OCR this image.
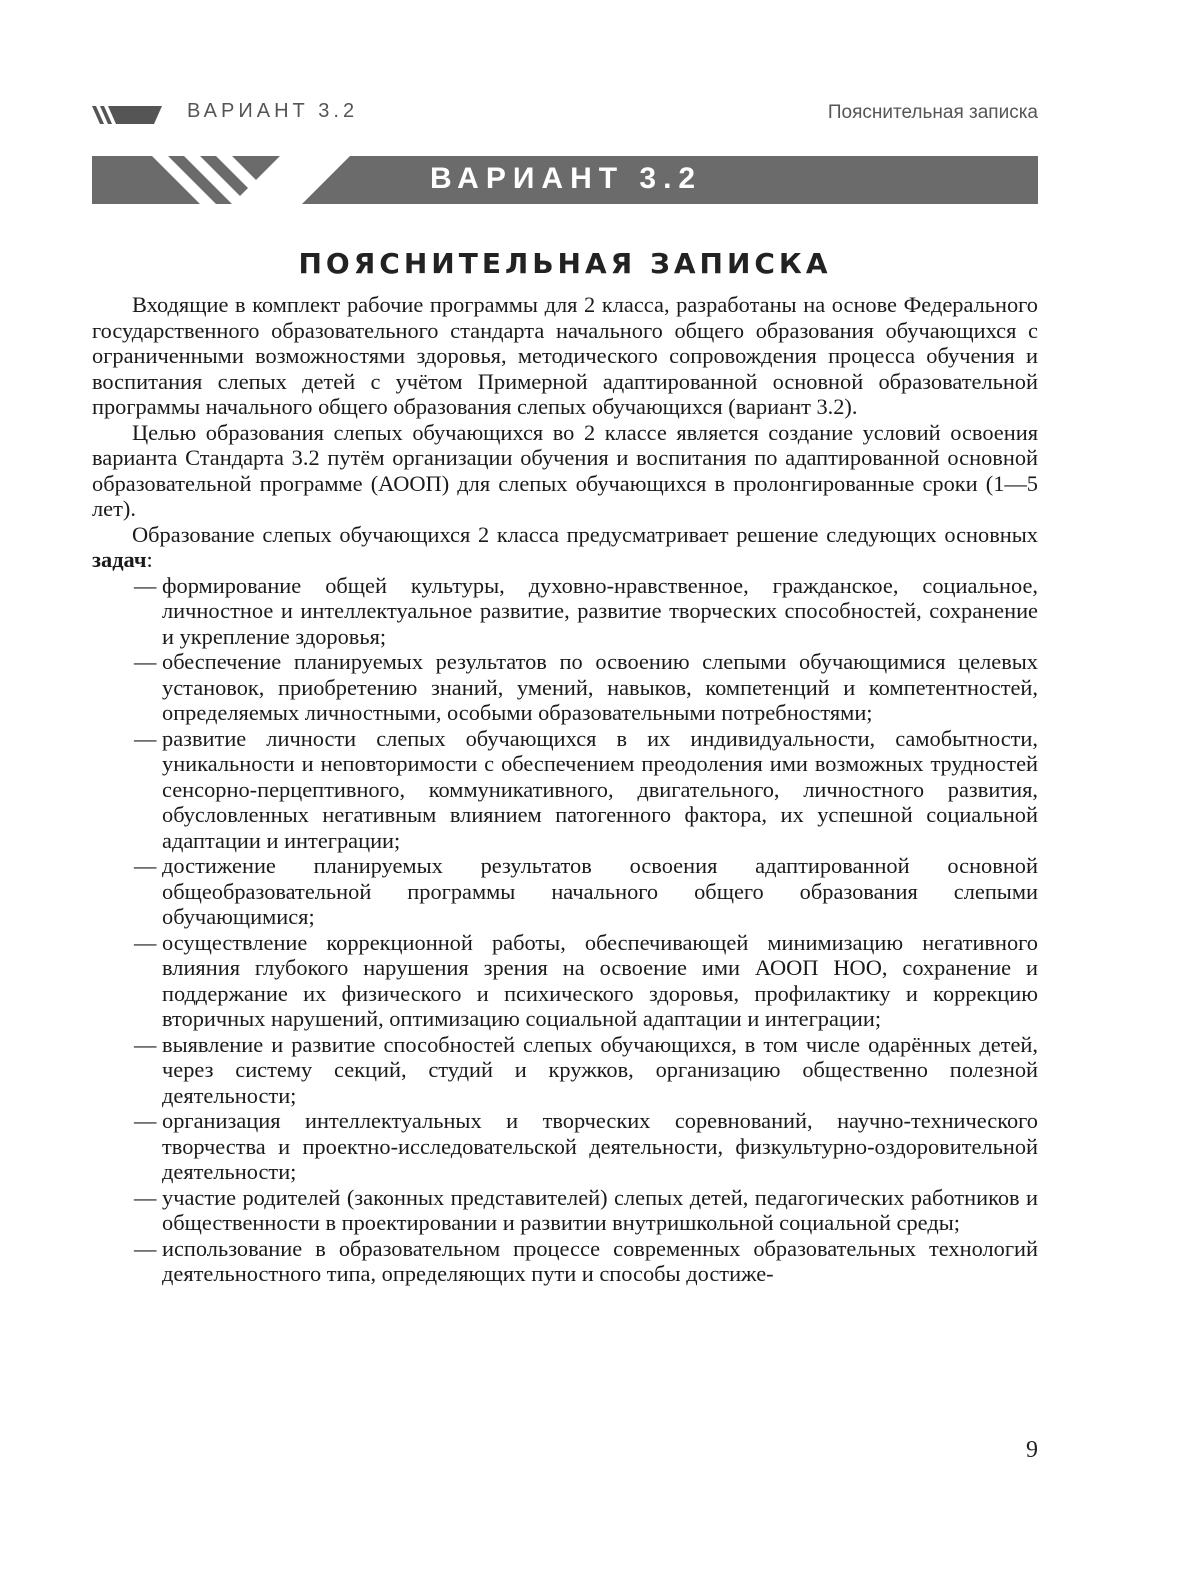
ВАРИАНТ 3.2	Пояснительная записка
ВАРИАНТ 3.2
ПОЯСНИТЕЛЬНАЯ ЗАПИСКА

Входящие в комплект рабочие программы для 2 класса, разработаны на основе Федерального государственного образовательного стандарта начального общего образования обучающихся с ограниченными возможностями здоровья, методического сопровождения процесса обучения и воспитания слепых детей с учётом Примерной адаптированной основной образовательной программы начального общего образования слепых обучающихся (вариант 3.2).

Целью образования слепых обучающихся во 2 классе является создание условий освоения варианта Стандарта 3.2 путём организации обучения и воспитания по адаптированной основной образовательной программе (АООП) для слепых обучающихся в пролонгированные сроки (1—5 лет).

Образование слепых обучающихся 2 класса предусматривает решение следующих основных задач:

— формирование общей культуры, духовно-нравственное, гражданское, социальное, личностное и интеллектуальное развитие, развитие творческих способностей, сохранение и укрепление здоровья;
— обеспечение планируемых результатов по освоению слепыми обучающимися целевых установок, приобретению знаний, умений, навыков, компетенций и компетентностей, определяемых личностными, особыми образовательными потребностями;
— развитие личности слепых обучающихся в их индивидуальности, самобытности, уникальности и неповторимости с обеспечением преодоления ими возможных трудностей сенсорно-перцептивного, коммуникативного, двигательного, личностного развития, обусловленных негативным влиянием патогенного фактора, их успешной социальной адаптации и интеграции;
— достижение планируемых результатов освоения адаптированной основной общеобразовательной программы начального общего образования слепыми обучающимися;
— осуществление коррекционной работы, обеспечивающей минимизацию негативного влияния глубокого нарушения зрения на освоение ими АООП НОО, сохранение и поддержание их физического и психического здоровья, профилактику и коррекцию вторичных нарушений, оптимизацию социальной адаптации и интеграции;
— выявление и развитие способностей слепых обучающихся, в том числе одарённых детей, через систему секций, студий и кружков, организацию общественно полезной деятельности;
— организация интеллектуальных и творческих соревнований, научно-технического творчества и проектно-исследовательской деятельности, физкультурно-оздоровительной деятельности;
— участие родителей (законных представителей) слепых детей, педагогических работников и общественности в проектировании и развитии внутришкольной социальной среды;
— использование в образовательном процессе современных образовательных технологий деятельностного типа, определяющих пути и способы достиже-
9
